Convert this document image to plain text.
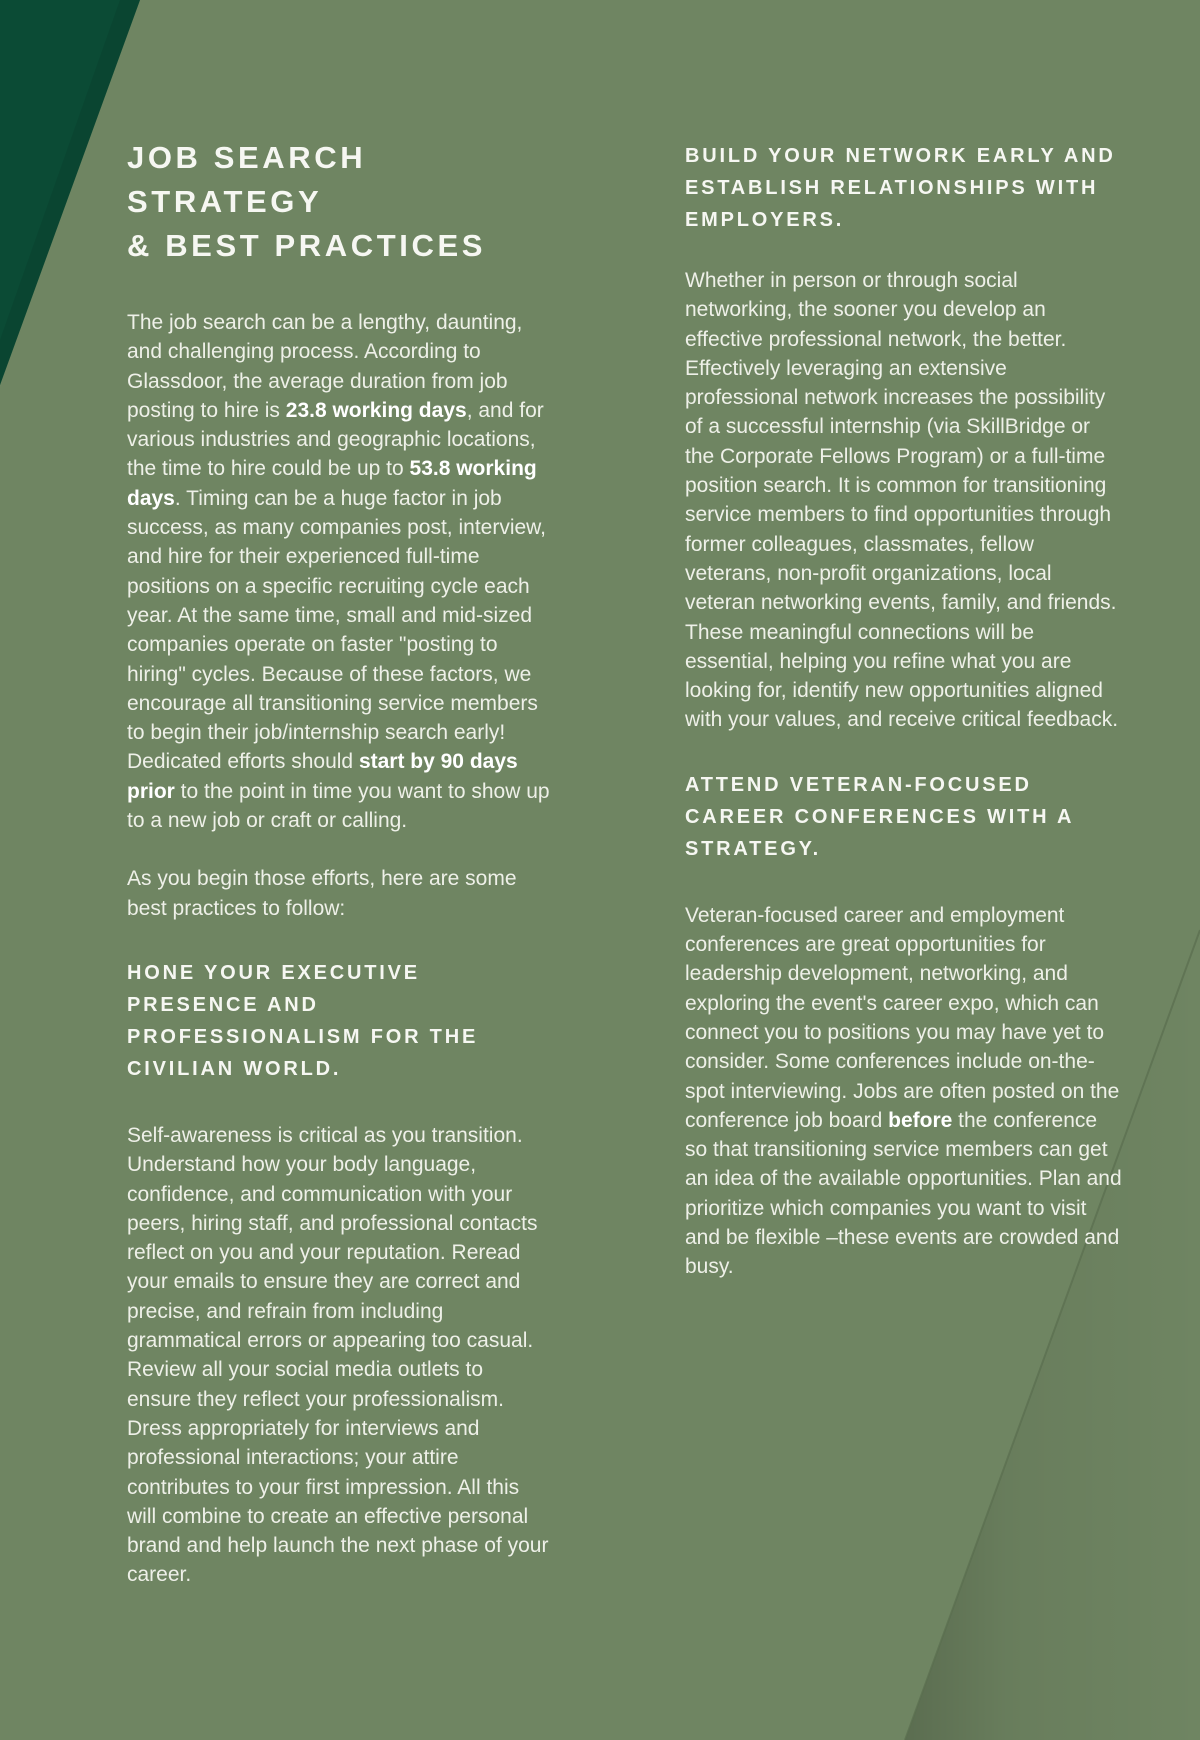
JOB SEARCH STRATEGY
& BEST PRACTICES

The job search can be a lengthy, daunting, and challenging process. According to Glassdoor, the average duration from job posting to hire is 23.8 working days, and for various industries and geographic locations, the time to hire could be up to 53.8 working days. Timing can be a huge factor in job success, as many companies post, interview, and hire for their experienced full-time positions on a specific recruiting cycle each year. At the same time, small and mid-sized companies operate on faster "posting to hiring" cycles. Because of these factors, we encourage all transitioning service members to begin their job/internship search early! Dedicated efforts should start by 90 days prior to the point in time you want to show up to a new job or craft or calling.

As you begin those efforts, here are some best practices to follow:

HONE YOUR EXECUTIVE PRESENCE AND PROFESSIONALISM FOR THE CIVILIAN WORLD.

Self-awareness is critical as you transition. Understand how your body language, confidence, and communication with your peers, hiring staff, and professional contacts reflect on you and your reputation. Reread your emails to ensure they are correct and precise, and refrain from including grammatical errors or appearing too casual. Review all your social media outlets to ensure they reflect your professionalism. Dress appropriately for interviews and professional interactions; your attire contributes to your first impression. All this will combine to create an effective personal brand and help launch the next phase of your career.

BUILD YOUR NETWORK EARLY AND ESTABLISH RELATIONSHIPS WITH EMPLOYERS.

Whether in person or through social networking, the sooner you develop an effective professional network, the better. Effectively leveraging an extensive professional network increases the possibility of a successful internship (via SkillBridge or the Corporate Fellows Program) or a full-time position search. It is common for transitioning service members to find opportunities through former colleagues, classmates, fellow veterans, non-profit organizations, local veteran networking events, family, and friends. These meaningful connections will be essential, helping you refine what you are looking for, identify new opportunities aligned with your values, and receive critical feedback.

ATTEND VETERAN-FOCUSED CAREER CONFERENCES WITH A STRATEGY.

Veteran-focused career and employment conferences are great opportunities for leadership development, networking, and exploring the event's career expo, which can connect you to positions you may have yet to consider. Some conferences include on-the-spot interviewing. Jobs are often posted on the conference job board before the conference so that transitioning service members can get an idea of the available opportunities. Plan and prioritize which companies you want to visit and be flexible –these events are crowded and busy.
